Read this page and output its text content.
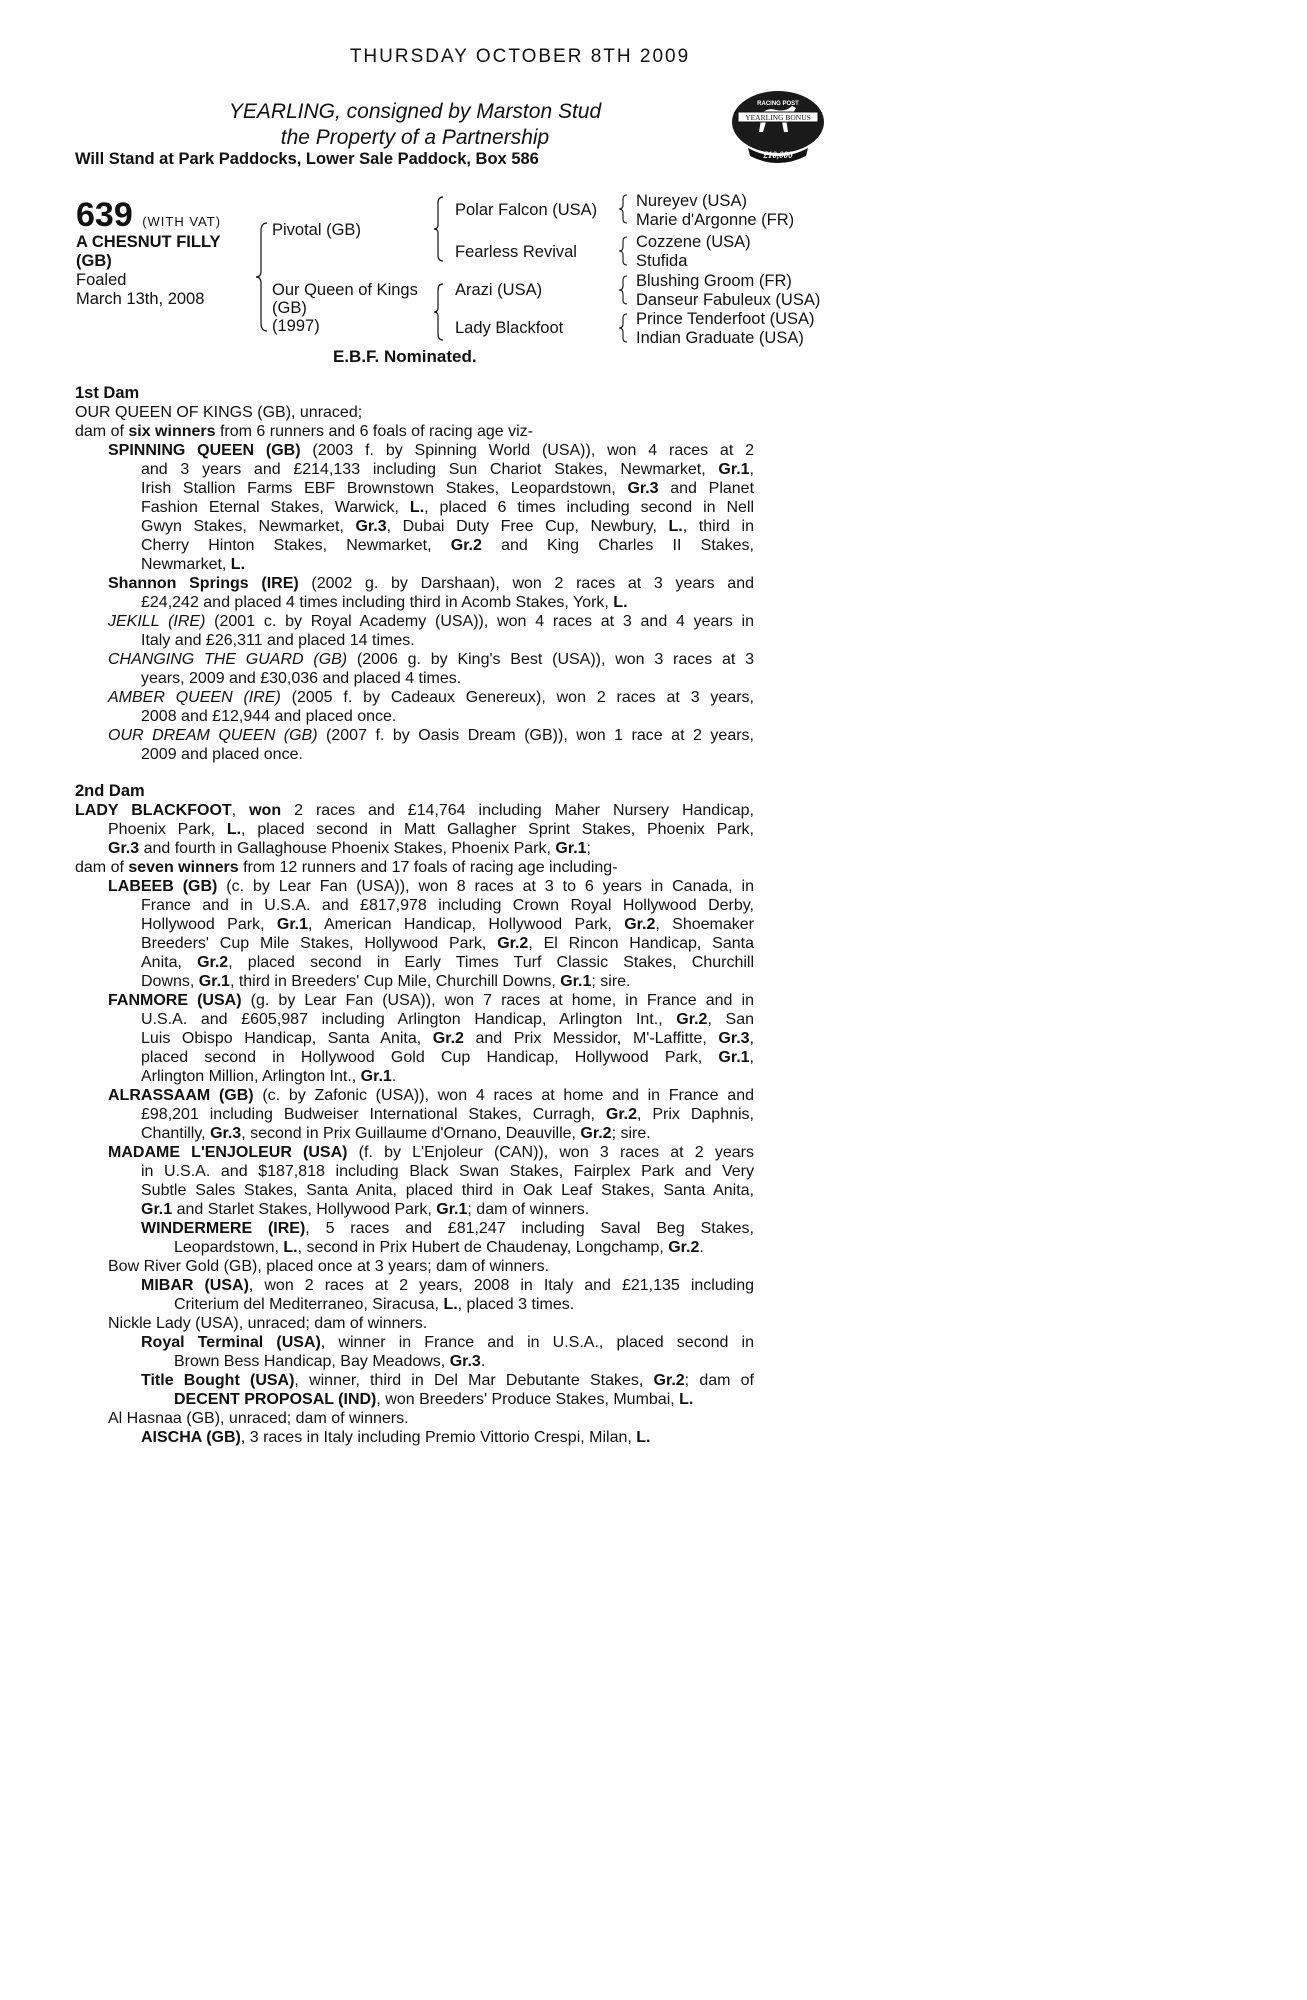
THURSDAY OCTOBER 8TH 2009
YEARLING, consigned by Marston Stud
the Property of a Partnership
Will Stand at Park Paddocks, Lower Sale Paddock, Box 586
YEARLING BONUS
RACING POST
£10,000
639 (WITH VAT)
A CHESNUT FILLY
(GB)
Foaled
March 13th, 2008
Pivotal (GB)
Our Queen of Kings
(GB)
(1997)
Polar Falcon (USA)
Fearless Revival
Arazi (USA)
Lady Blackfoot
Nureyev (USA)
Marie d'Argonne (FR)
Cozzene (USA)
Stufida
Blushing Groom (FR)
Danseur Fabuleux (USA)
Prince Tenderfoot (USA)
Indian Graduate (USA)
E.B.F. Nominated.
1st Dam
OUR QUEEN OF KINGS (GB), unraced;
dam of six winners from 6 runners and 6 foals of racing age viz-
SPINNING QUEEN (GB) (2003 f. by Spinning World (USA)), won 4 races at 2
and 3 years and £214,133 including Sun Chariot Stakes, Newmarket, Gr.1,
Irish Stallion Farms EBF Brownstown Stakes, Leopardstown, Gr.3 and Planet
Fashion Eternal Stakes, Warwick, L., placed 6 times including second in Nell
Gwyn Stakes, Newmarket, Gr.3, Dubai Duty Free Cup, Newbury, L., third in
Cherry Hinton Stakes, Newmarket, Gr.2 and King Charles II Stakes,
Newmarket, L.
Shannon Springs (IRE) (2002 g. by Darshaan), won 2 races at 3 years and
£24,242 and placed 4 times including third in Acomb Stakes, York, L.
JEKILL (IRE) (2001 c. by Royal Academy (USA)), won 4 races at 3 and 4 years in
Italy and £26,311 and placed 14 times.
CHANGING THE GUARD (GB) (2006 g. by King's Best (USA)), won 3 races at 3
years, 2009 and £30,036 and placed 4 times.
AMBER QUEEN (IRE) (2005 f. by Cadeaux Genereux), won 2 races at 3 years,
2008 and £12,944 and placed once.
OUR DREAM QUEEN (GB) (2007 f. by Oasis Dream (GB)), won 1 race at 2 years,
2009 and placed once.
2nd Dam
LADY BLACKFOOT, won 2 races and £14,764 including Maher Nursery Handicap,
Phoenix Park, L., placed second in Matt Gallagher Sprint Stakes, Phoenix Park,
Gr.3 and fourth in Gallaghouse Phoenix Stakes, Phoenix Park, Gr.1;
dam of seven winners from 12 runners and 17 foals of racing age including-
LABEEB (GB) (c. by Lear Fan (USA)), won 8 races at 3 to 6 years in Canada, in
France and in U.S.A. and £817,978 including Crown Royal Hollywood Derby,
Hollywood Park, Gr.1, American Handicap, Hollywood Park, Gr.2, Shoemaker
Breeders' Cup Mile Stakes, Hollywood Park, Gr.2, El Rincon Handicap, Santa
Anita, Gr.2, placed second in Early Times Turf Classic Stakes, Churchill
Downs, Gr.1, third in Breeders' Cup Mile, Churchill Downs, Gr.1; sire.
FANMORE (USA) (g. by Lear Fan (USA)), won 7 races at home, in France and in
U.S.A. and £605,987 including Arlington Handicap, Arlington Int., Gr.2, San
Luis Obispo Handicap, Santa Anita, Gr.2 and Prix Messidor, M'-Laffitte, Gr.3,
placed second in Hollywood Gold Cup Handicap, Hollywood Park, Gr.1,
Arlington Million, Arlington Int., Gr.1.
ALRASSAAM (GB) (c. by Zafonic (USA)), won 4 races at home and in France and
£98,201 including Budweiser International Stakes, Curragh, Gr.2, Prix Daphnis,
Chantilly, Gr.3, second in Prix Guillaume d'Ornano, Deauville, Gr.2; sire.
MADAME L'ENJOLEUR (USA) (f. by L'Enjoleur (CAN)), won 3 races at 2 years
in U.S.A. and $187,818 including Black Swan Stakes, Fairplex Park and Very
Subtle Sales Stakes, Santa Anita, placed third in Oak Leaf Stakes, Santa Anita,
Gr.1 and Starlet Stakes, Hollywood Park, Gr.1; dam of winners.
WINDERMERE (IRE), 5 races and £81,247 including Saval Beg Stakes,
Leopardstown, L., second in Prix Hubert de Chaudenay, Longchamp, Gr.2.
Bow River Gold (GB), placed once at 3 years; dam of winners.
MIBAR (USA), won 2 races at 2 years, 2008 in Italy and £21,135 including
Criterium del Mediterraneo, Siracusa, L., placed 3 times.
Nickle Lady (USA), unraced; dam of winners.
Royal Terminal (USA), winner in France and in U.S.A., placed second in
Brown Bess Handicap, Bay Meadows, Gr.3.
Title Bought (USA), winner, third in Del Mar Debutante Stakes, Gr.2; dam of
DECENT PROPOSAL (IND), won Breeders' Produce Stakes, Mumbai, L.
Al Hasnaa (GB), unraced; dam of winners.
AISCHA (GB), 3 races in Italy including Premio Vittorio Crespi, Milan, L.
